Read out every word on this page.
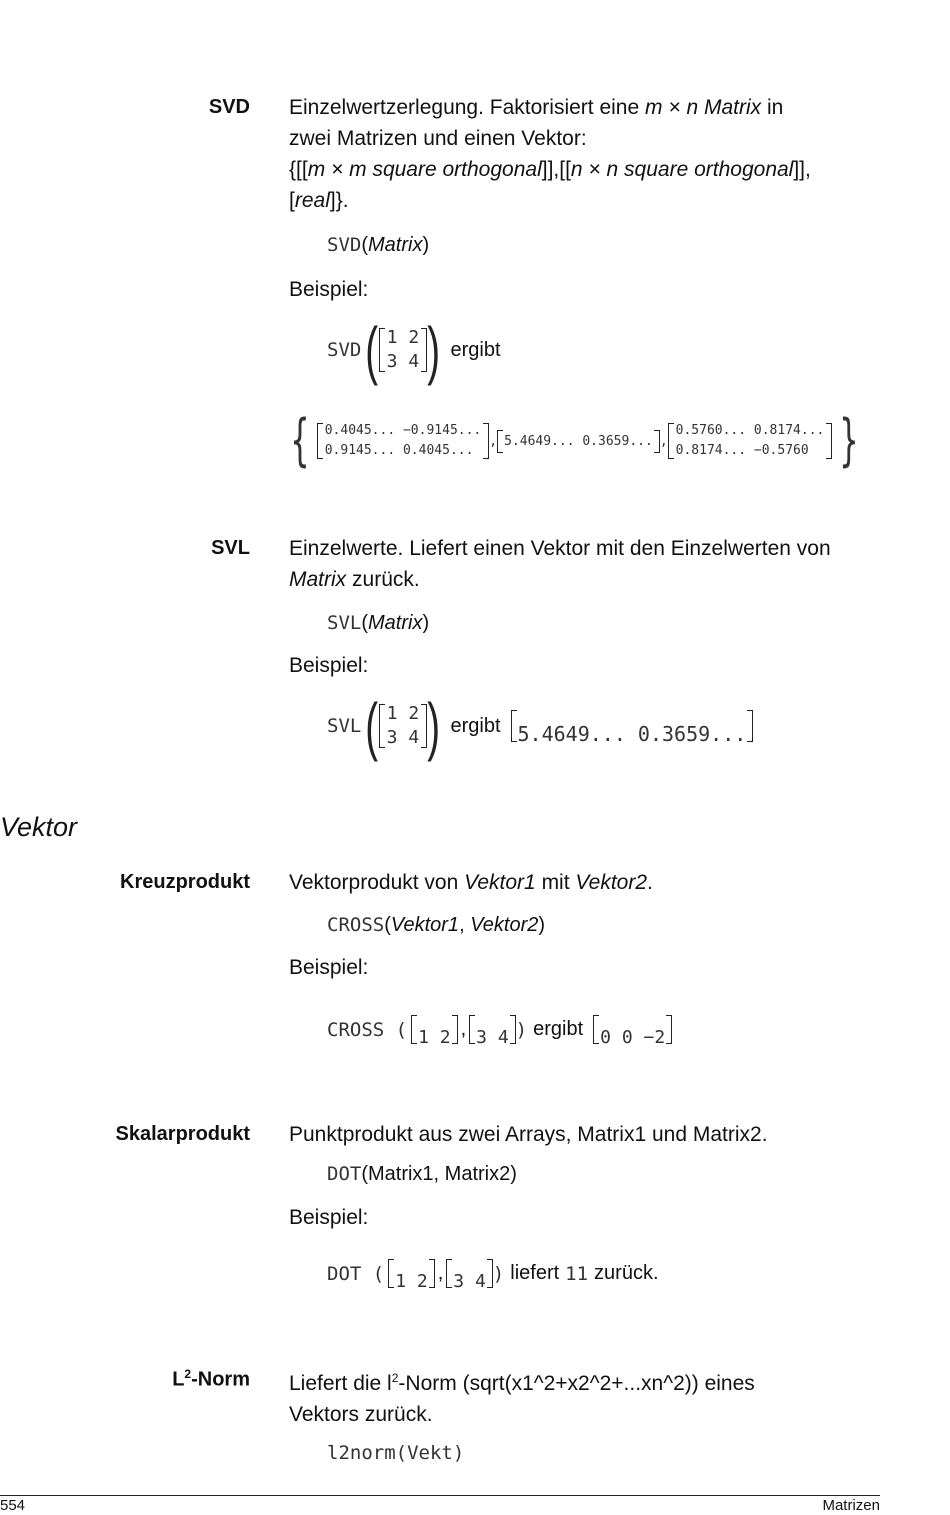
SVD Einzelwertzerlegung. Faktorisiert eine m × n Matrix in
zwei Matrizen und einen Vektor:
{[[m × m square orthogonal]],[[n × n square orthogonal]],
[real]}.
SVD(Matrix)
Beispiel:
SVD ( 1 2
3 4 ) ergibt
{ 0.4045... −0.9145...
0.9145... 0.4045...
, 5.4649... 0.3659... ,
0.5760... 0.8174...
0.8174... −0.5760 }
SVL Einzelwerte. Liefert einen Vektor mit den Einzelwerten von
Matrix zurück.
SVL(Matrix)
Beispiel:
SVL ( 1 2
3 4 ) ergibt 5.4649... 0.3659...
Vektor
Kreuzprodukt Vektorprodukt von Vektor1 mit Vektor2.
CROSS(Vektor1, Vektor2)
Beispiel:
CROSS ( 1 2 , 3 4 ) ergibt 0 0 −2
Skalarprodukt Punktprodukt aus zwei Arrays, Matrix1 und Matrix2.
DOT(Matrix1, Matrix2)
Beispiel:
DOT ( 1 2 , 3 4 ) liefert 11 zurück.
$L^2$-Norm Liefert die $l^2$-Norm (sqrt(x1^2+x2^2+...xn^2)) eines
Vektors zurück.
l2norm(Vekt)
554	Matrizen
